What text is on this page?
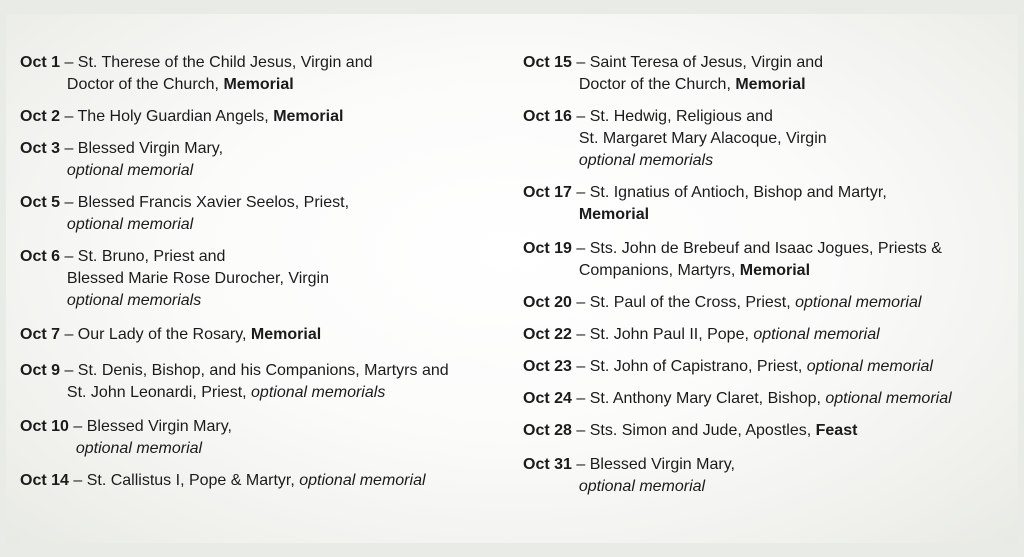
Oct 1 – St. Therese of the Child Jesus, Virgin and
Doctor of the Church, Memorial
Oct 2 – The Holy Guardian Angels, Memorial
Oct 3 – Blessed Virgin Mary,
optional memorial
Oct 5 – Blessed Francis Xavier Seelos, Priest,
optional memorial
Oct 6 – St. Bruno, Priest and
Blessed Marie Rose Durocher, Virgin
optional memorials
Oct 7 – Our Lady of the Rosary, Memorial
Oct 9 – St. Denis, Bishop, and his Companions, Martyrs and
St. John Leonardi, Priest, optional memorials
Oct 10 – Blessed Virgin Mary,
optional memorial
Oct 14 – St. Callistus I, Pope & Martyr, optional memorial
Oct 15 – Saint Teresa of Jesus, Virgin and
Doctor of the Church, Memorial
Oct 16 – St. Hedwig, Religious and
St. Margaret Mary Alacoque, Virgin
optional memorials
Oct 17 – St. Ignatius of Antioch, Bishop and Martyr,
Memorial
Oct 19 – Sts. John de Brebeuf and Isaac Jogues, Priests &
Companions, Martyrs, Memorial
Oct 20 – St. Paul of the Cross, Priest, optional memorial
Oct 22 – St. John Paul II, Pope, optional memorial
Oct 23 – St. John of Capistrano, Priest, optional memorial
Oct 24 – St. Anthony Mary Claret, Bishop, optional memorial
Oct 28 – Sts. Simon and Jude, Apostles, Feast
Oct 31 – Blessed Virgin Mary,
optional memorial
